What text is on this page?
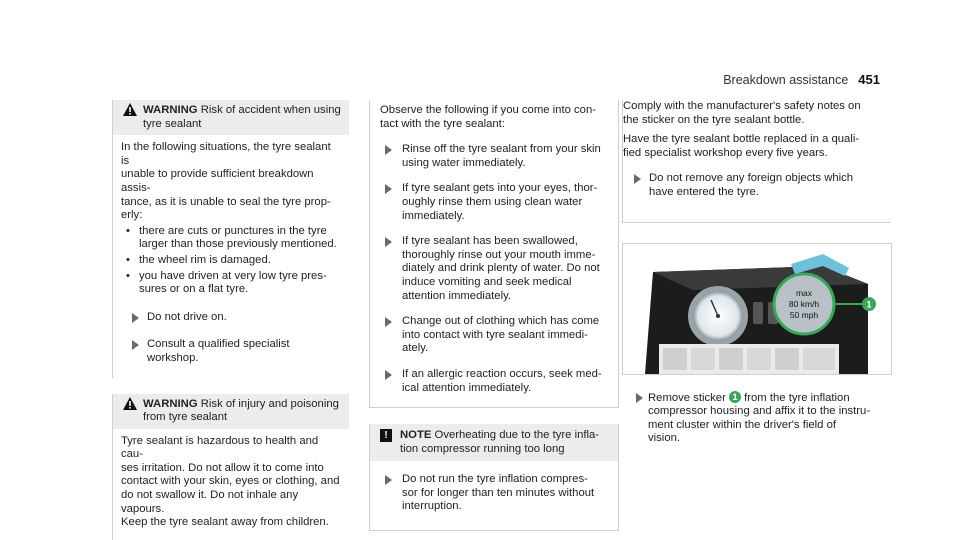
Breakdown assistance 451
WARNING Risk of accident when using
tyre sealant

In the following situations, the tyre sealant is
unable to provide sufficient breakdown assis-
tance, as it is unable to seal the tyre prop-
erly:

• there are cuts or punctures in the tyre
larger than those previously mentioned.
• the wheel rim is damaged.
• you have driven at very low tyre pres-
sures or on a flat tyre.
Do not drive on.
Consult a qualified specialist workshop.
WARNING Risk of injury and poisoning
from tyre sealant

Tyre sealant is hazardous to health and cau-
ses irritation. Do not allow it to come into
contact with your skin, eyes or clothing, and
do not swallow it. Do not inhale any vapours.
Keep the tyre sealant away from children.

Observe the following if you come into con-
tact with the tyre sealant:

Rinse off the tyre sealant from your skin
using water immediately.
If tyre sealant gets into your eyes, thor-
oughly rinse them using clean water
immediately.
If tyre sealant has been swallowed,
thoroughly rinse out your mouth imme-
diately and drink plenty of water. Do not
induce vomiting and seek medical
attention immediately.
Change out of clothing which has come
into contact with tyre sealant immedi-
ately.
If an allergic reaction occurs, seek med-
ical attention immediately.
!	NOTE Overheating due to the tyre infla-
tion compressor running too long
Do not run the tyre inflation compres-
sor for longer than ten minutes without
interruption.

Comply with the manufacturer's safety notes on
the sticker on the tyre sealant bottle.

Have the tyre sealant bottle replaced in a quali-
fied specialist workshop every five years.

Do not remove any foreign objects which
have entered the tyre.
max
80 km/h
50 mph
1
Remove sticker 1 from the tyre inflation
compressor housing and affix it to the instru-
ment cluster within the driver's field of
vision.
